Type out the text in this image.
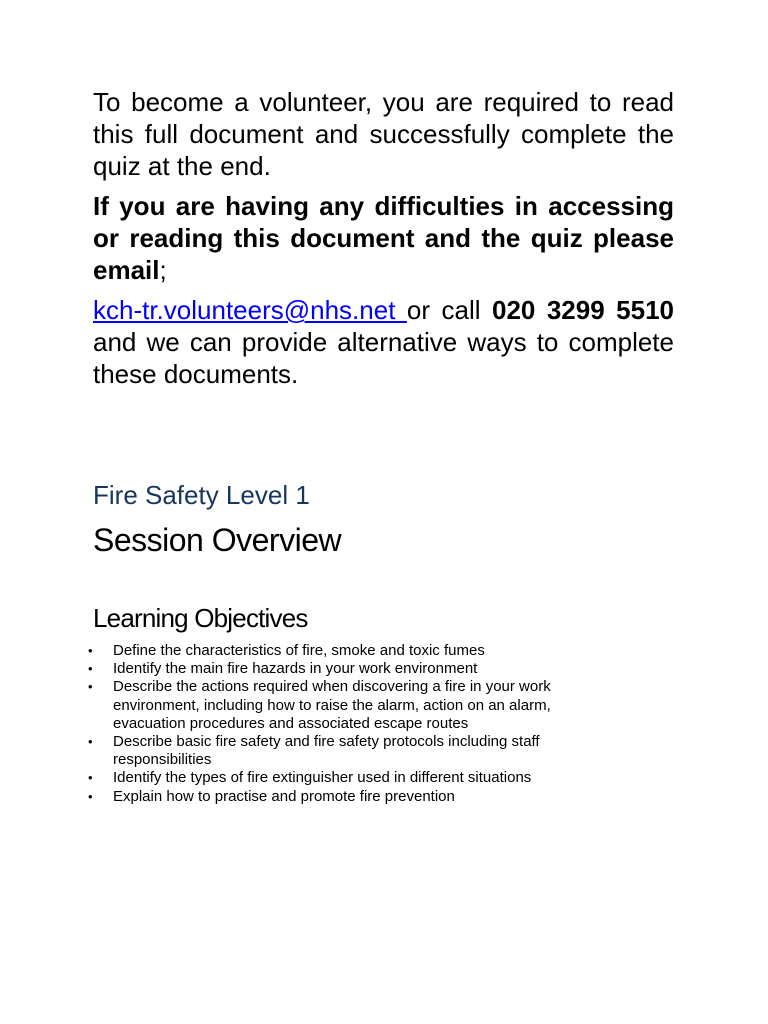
To become a volunteer, you are required to read this full document and successfully complete the quiz at the end.

If you are having any difficulties in accessing or reading this document and the quiz please email;

kch-tr.volunteers@nhs.net or call 020 3299 5510 and we can provide alternative ways to complete these documents.

Fire Safety Level 1
Session Overview
Learning Objectives
• Define the characteristics of fire, smoke and toxic fumes
• Identify the main fire hazards in your work environment
• Describe the actions required when discovering a fire in your work environment, including how to raise the alarm, action on an alarm, evacuation procedures and associated escape routes
• Describe basic fire safety and fire safety protocols including staff responsibilities
• Identify the types of fire extinguisher used in different situations
• Explain how to practise and promote fire prevention
